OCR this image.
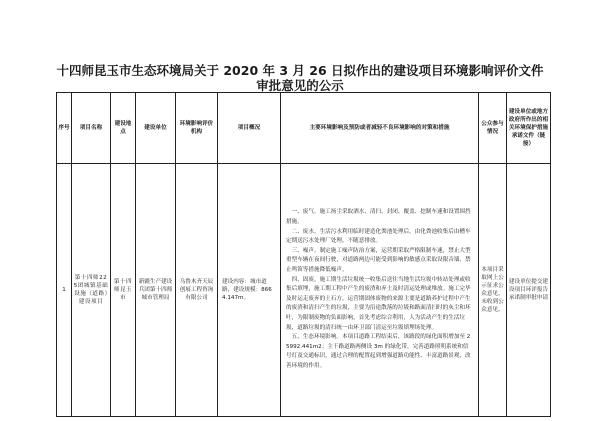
十四师昆玉市生态环境局关于 2020 年 3 月 26 日拟作出的建设项目环境影响评价文件
审批意见的公示
序号	项目名称	建设地点	建设单位	环境影响评价机构	项目概况	主要环境影响及预防或者减轻不良环境影响的对策和措施	公众参与情况	建设单位或地方政府所作出的相关环境保护措施承诺文件（链接）
1	第十四师225团城镇基础设施（道路）建设项目	第十四师昆玉市	新疆生产建设兵团第十四师城市管理局	乌鲁木齐天辰创展工程咨询有限公司	建设内容：城市道路，建设规模：8664.147m。	一、废气。施工扬尘采取洒水、清扫、封闭、覆盖、挖制车速和设置围挡措施。

二、废水。生活污水利用临时建造化粪池处理后，由化粪池收集后由槽车定期送污水处理厂处理，不随意排放。

三、噪声。制定施工噪声防治方案，运营期采取严格限制车速，禁止大型重型车辆在夜间行驶，对道路两边可能受到影响的敏感点采取设限音墙、禁止鸣笛等措施降低噪声。

四、固废。施工期生活垃圾统一收集后送往当地生活垃圾中转站处理或收集后填埋，施工期工程中产生的废渣和弃土及时清运处理或堆放。施工完毕及时运走废弃的土石方。运营期固体废物的来源主要是道路养护过程中产生的废渣和清扫产生的垃圾，主要为沿途散落的垃圾和路面清扫时的灰尘和坏叶，为限制废物的负面影响，首先考虑综合利用，人为活动产生的生活垃圾，道路垃圾的清扫统一由环卫部门清运至垃圾填埋场处理。

五、生态环境影响。本项目道路工程结束后，该路段的绿化面积增加至 25992.441m2；主干路道路两侧设 3m 的绿化带，完善道路照明系统和信号灯及交通标识，通过合理的配置起到增强道路功能性、丰富道路景观，改善环境的作用。	本项目采取网上公示征求公众意见，未收到公众意见。	建设单位提交建设项目环评报告承诺制审批申请
